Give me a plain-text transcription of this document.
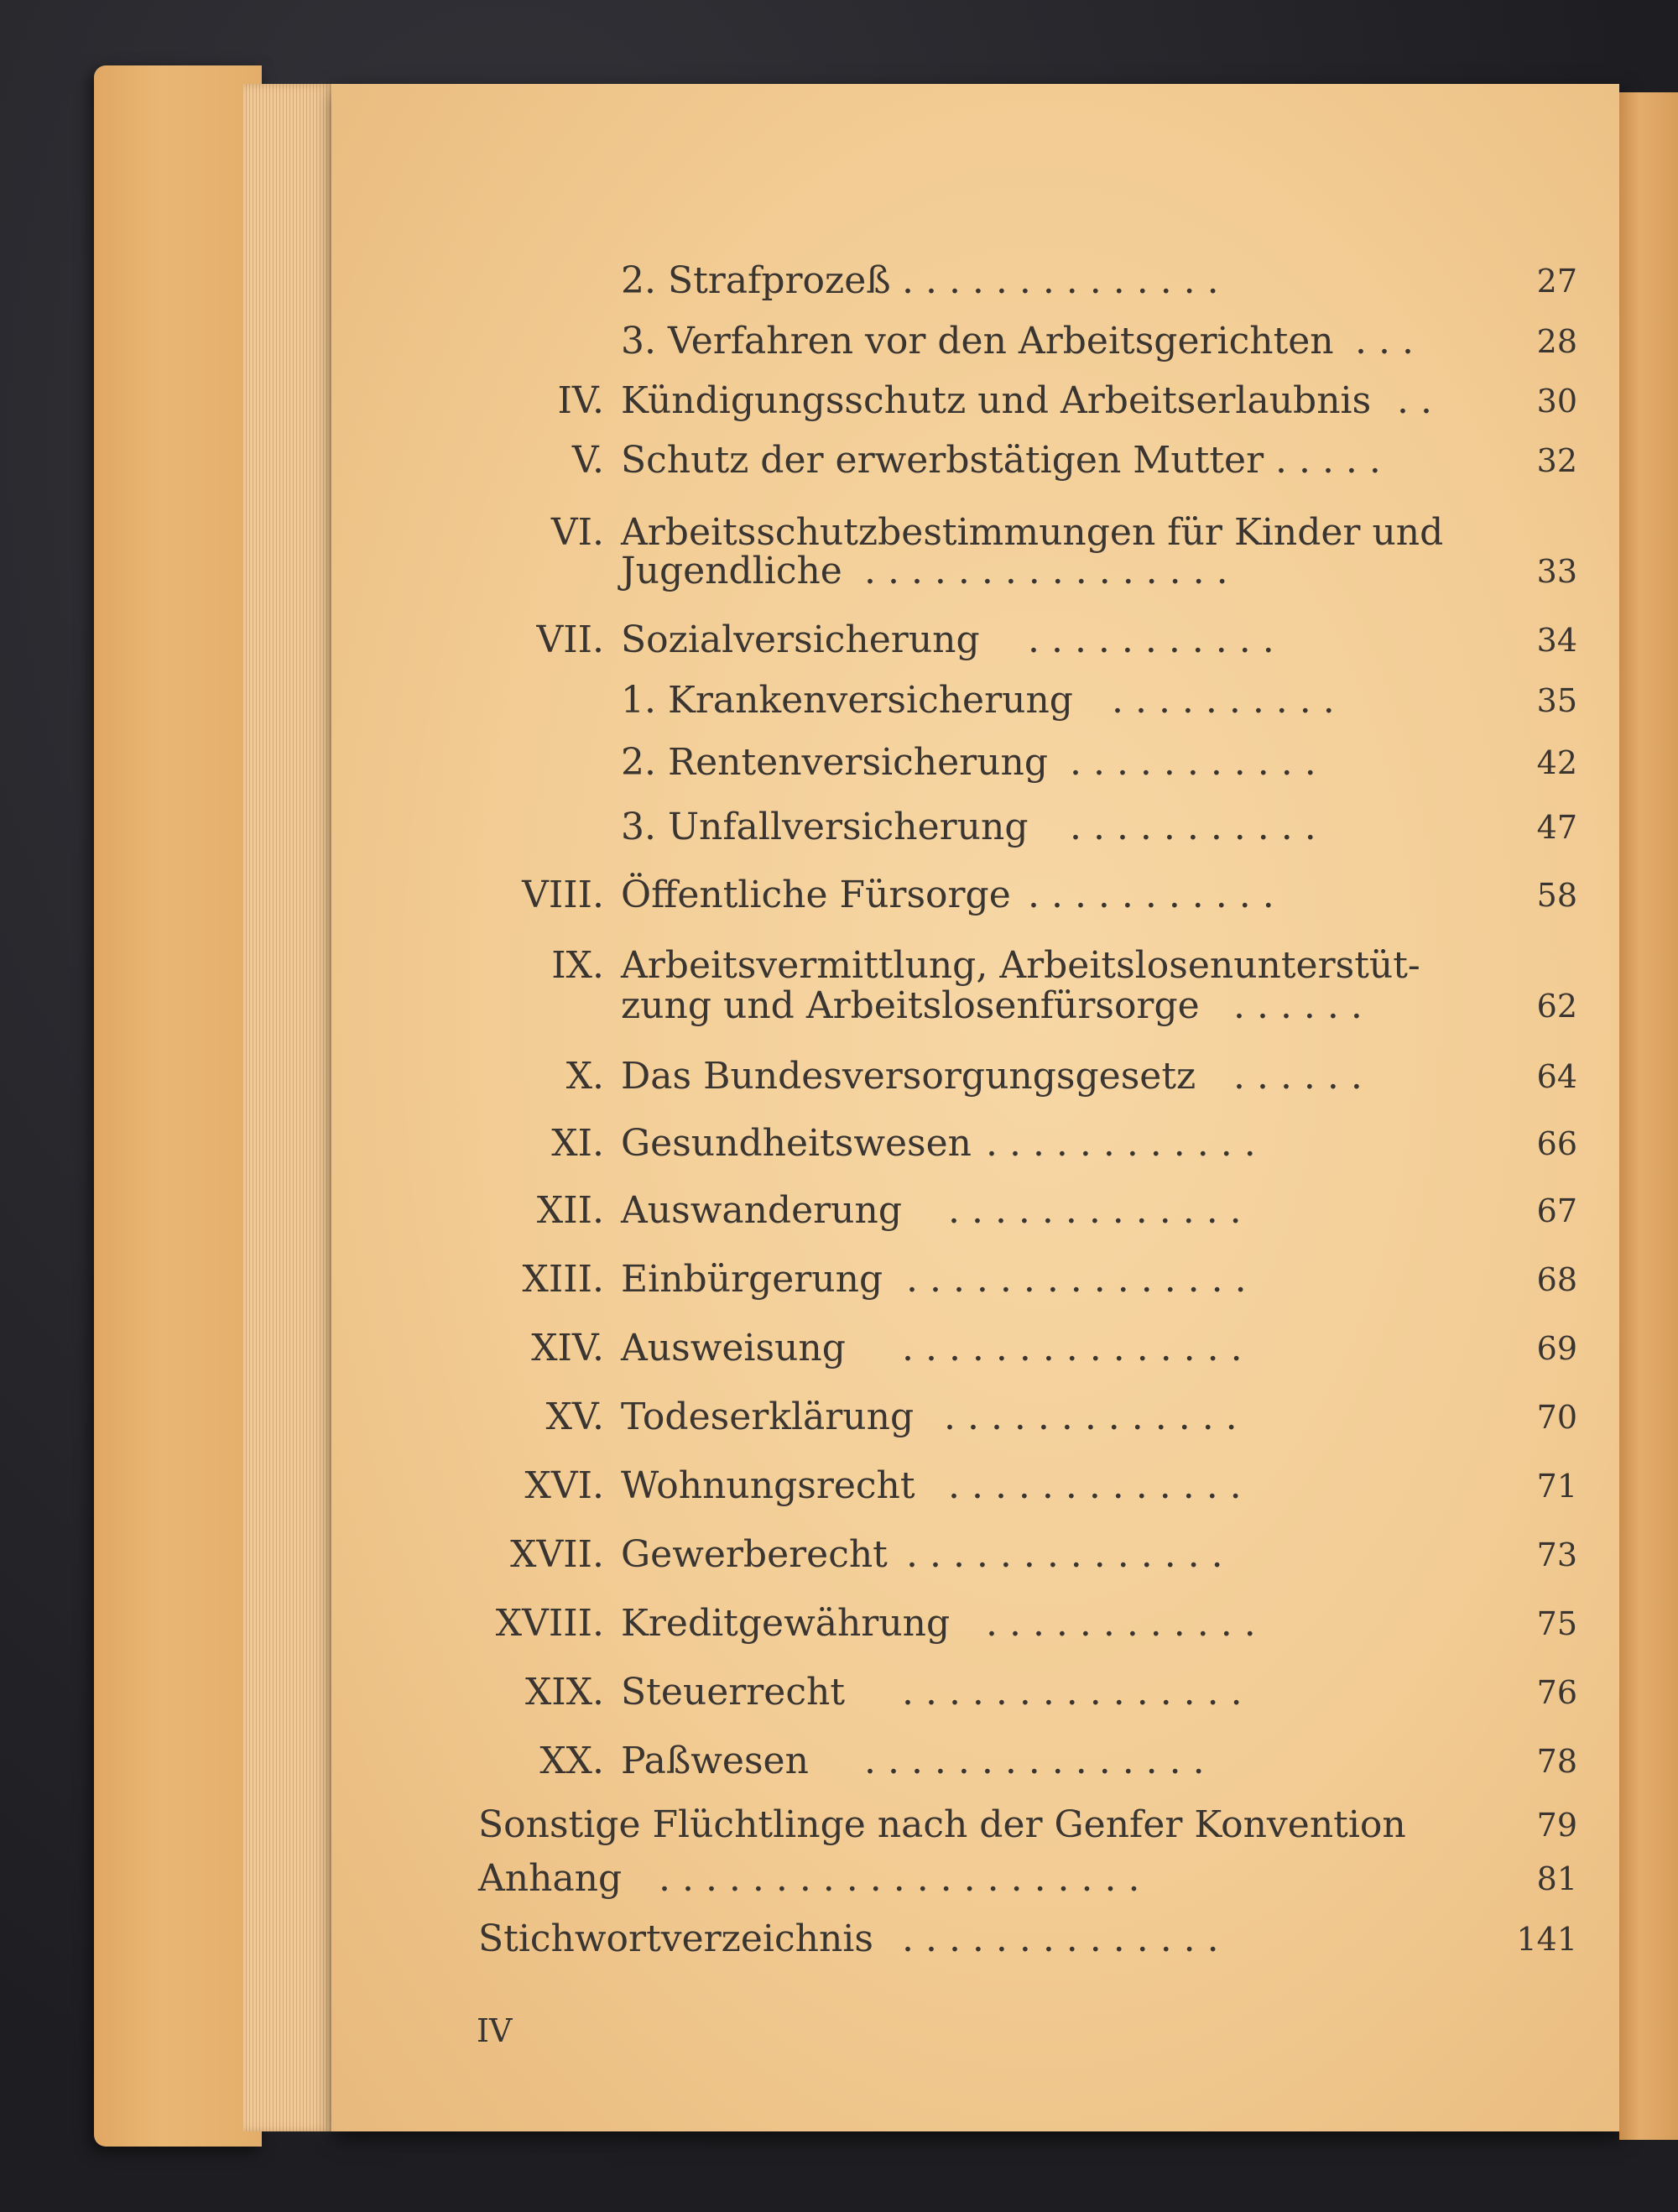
2. Strafprozeß . . . . . . . . . . . . . .	27
3. Verfahren vor den Arbeitsgerichten . . .	28
IV. Kündigungsschutz und Arbeitserlaubnis . .	30
V. Schutz der erwerbstätigen Mutter . . . . .	32
VI. Arbeitsschutzbestimmungen für Kinder und
Jugendliche . . . . . . . . . . . . . . . .	33
VII. Sozialversicherung . . . . . . . . . . .	34
1. Krankenversicherung . . . . . . . . . .	35
2. Rentenversicherung . . . . . . . . . . .	42
3. Unfallversicherung . . . . . . . . . . .	47
VIII. Öffentliche Fürsorge . . . . . . . . . . .	58
IX. Arbeitsvermittlung, Arbeitslosenunterstüt-
zung und Arbeitslosenfürsorge . . . . . .	62
X. Das Bundesversorgungsgesetz . . . . . .	64
XI. Gesundheitswesen . . . . . . . . . . . .	66
XII. Auswanderung . . . . . . . . . . . . .	67
XIII. Einbürgerung . . . . . . . . . . . . . . .	68
XIV. Ausweisung . . . . . . . . . . . . . . .	69
XV. Todeserklärung . . . . . . . . . . . . .	70
XVI. Wohnungsrecht . . . . . . . . . . . . .	71
XVII. Gewerberecht . . . . . . . . . . . . . .	73
XVIII. Kreditgewährung . . . . . . . . . . . .	75
XIX. Steuerrecht . . . . . . . . . . . . . . .	76
XX. Paßwesen . . . . . . . . . . . . . . .	78
Sonstige Flüchtlinge nach der Genfer Konvention	79
Anhang . . . . . . . . . . . . . . . . . . . . .	81
Stichwortverzeichnis . . . . . . . . . . . . . .	141
IV
